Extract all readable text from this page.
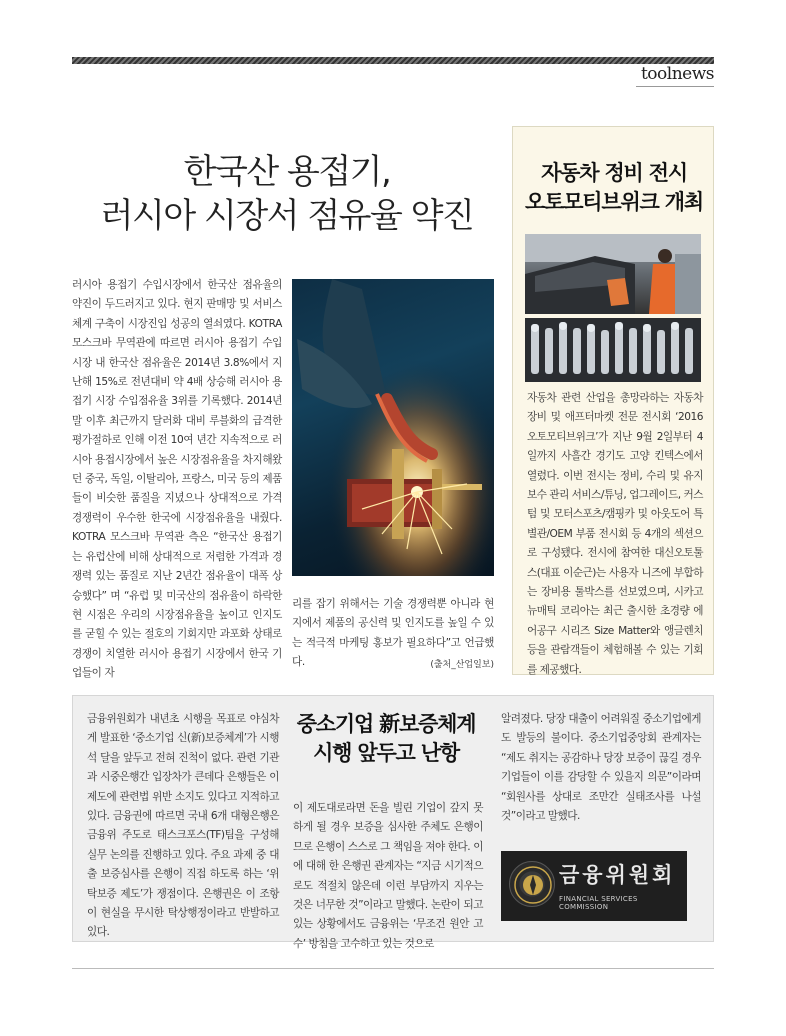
toolnews
한국산 용접기,
러시아 시장서 점유율 약진

러시아 용접기 수입시장에서 한국산 점유율의 약진이 두드러지고 있다. 현지 판매망 및 서비스 체계 구축이 시장진입 성공의 열쇠였다. KOTRA 모스크바 무역관에 따르면 러시아 용접기 수입시장 내 한국산 점유율은 2014년 3.8%에서 지난해 15%로 전년대비 약 4배 상승해 러시아 용접기 시장 수입점유율 3위를 기록했다. 2014년 말 이후 최근까지 달러화 대비 루블화의 급격한 평가절하로 인해 이전 10여 년간 지속적으로 러시아 용접시장에서 높은 시장점유율을 차지해왔던 중국, 독일, 이탈리아, 프랑스, 미국 등의 제품들이 비슷한 품질을 지녔으나 상대적으로 가격경쟁력이 우수한 한국에 시장점유율을 내줬다. KOTRA 모스크바 무역관 측은 “한국산 용접기는 유럽산에 비해 상대적으로 저렴한 가격과 경쟁력 있는 품질로 지난 2년간 점유율이 대폭 상승했다” 며 “유럽 및 미국산의 점유율이 하락한 현 시점은 우리의 시장점유율을 높이고 인지도를 굳힐 수 있는 절호의 기회지만 과포화 상태로 경쟁이 치열한 러시아 용접기 시장에서 한국 기업들이 자

리를 잡기 위해서는 기술 경쟁력뿐 아니라 현지에서 제품의 공신력 및 인지도를 높일 수 있는 적극적 마케팅 홍보가 필요하다”고 언급했다.	(출처_산업일보)
자동차 정비 전시
오토모티브위크 개최

자동차 관련 산업을 총망라하는 자동차 장비 및 애프터마켓 전문 전시회 ‘2016 오토모티브위크’가 지난 9월 2일부터 4일까지 사흘간 경기도 고양 킨텍스에서 열렸다. 이번 전시는 정비, 수리 및 유지보수 관리 서비스/튜닝, 업그레이드, 커스텀 및 모터스포츠/캠핑카 및 아웃도어 특별관/OEM 부품 전시회 등 4개의 섹션으로 구성됐다. 전시에 참여한 대신오토툴스(대표 이순근)는 사용자 니즈에 부합하는 장비용 툴박스를 선보였으며, 시카고 뉴매틱 코리아는 최근 출시한 초경량 에어공구 시리즈 Size Matter와 앵글렌치 등을 관람객들이 체험해볼 수 있는 기회를 제공했다.

금융위원회가 내년초 시행을 목표로 야심차게 발표한 ‘중소기업 신(新)보증체계’가 시행 석 달을 앞두고 전혀 진척이 없다. 관련 기관과 시중은행간 입장차가 큰데다 은행들은 이 제도에 관련법 위반 소지도 있다고 지적하고 있다. 금융권에 따르면 국내 6개 대형은행은 금융위 주도로 태스크포스(TF)팀을 구성해 실무 논의를 진행하고 있다. 주요 과제 중 대출 보증심사를 은행이 직접 하도록 하는 ‘위탁보증 제도’가 쟁점이다. 은행권은 이 조항이 현실을 무시한 탁상행정이라고 반발하고 있다.

중소기업 新보증체계
시행 앞두고 난항

이 제도대로라면 돈을 빌린 기업이 갚지 못하게 될 경우 보증을 심사한 주체도 은행이므로 은행이 스스로 그 책임을 져야 한다. 이에 대해 한 은행권 관계자는 “지금 시기적으로도 적절치 않은데 이런 부담까지 지우는 것은 너무한 것”이라고 말했다. 논란이 되고 있는 상황에서도 금융위는 ‘무조건 원안 고수’ 방침을 고수하고 있는 것으로

알려졌다. 당장 대출이 어려워질 중소기업에게도 발등의 불이다. 중소기업중앙회 관계자는 “제도 취지는 공감하나 당장 보증이 끊길 경우 기업들이 이를 감당할 수 있을지 의문”이라며 “회원사를 상대로 조만간 실태조사를 나설 것”이라고 말했다.

금융위원회
FINANCIAL SERVICES COMMISSION
